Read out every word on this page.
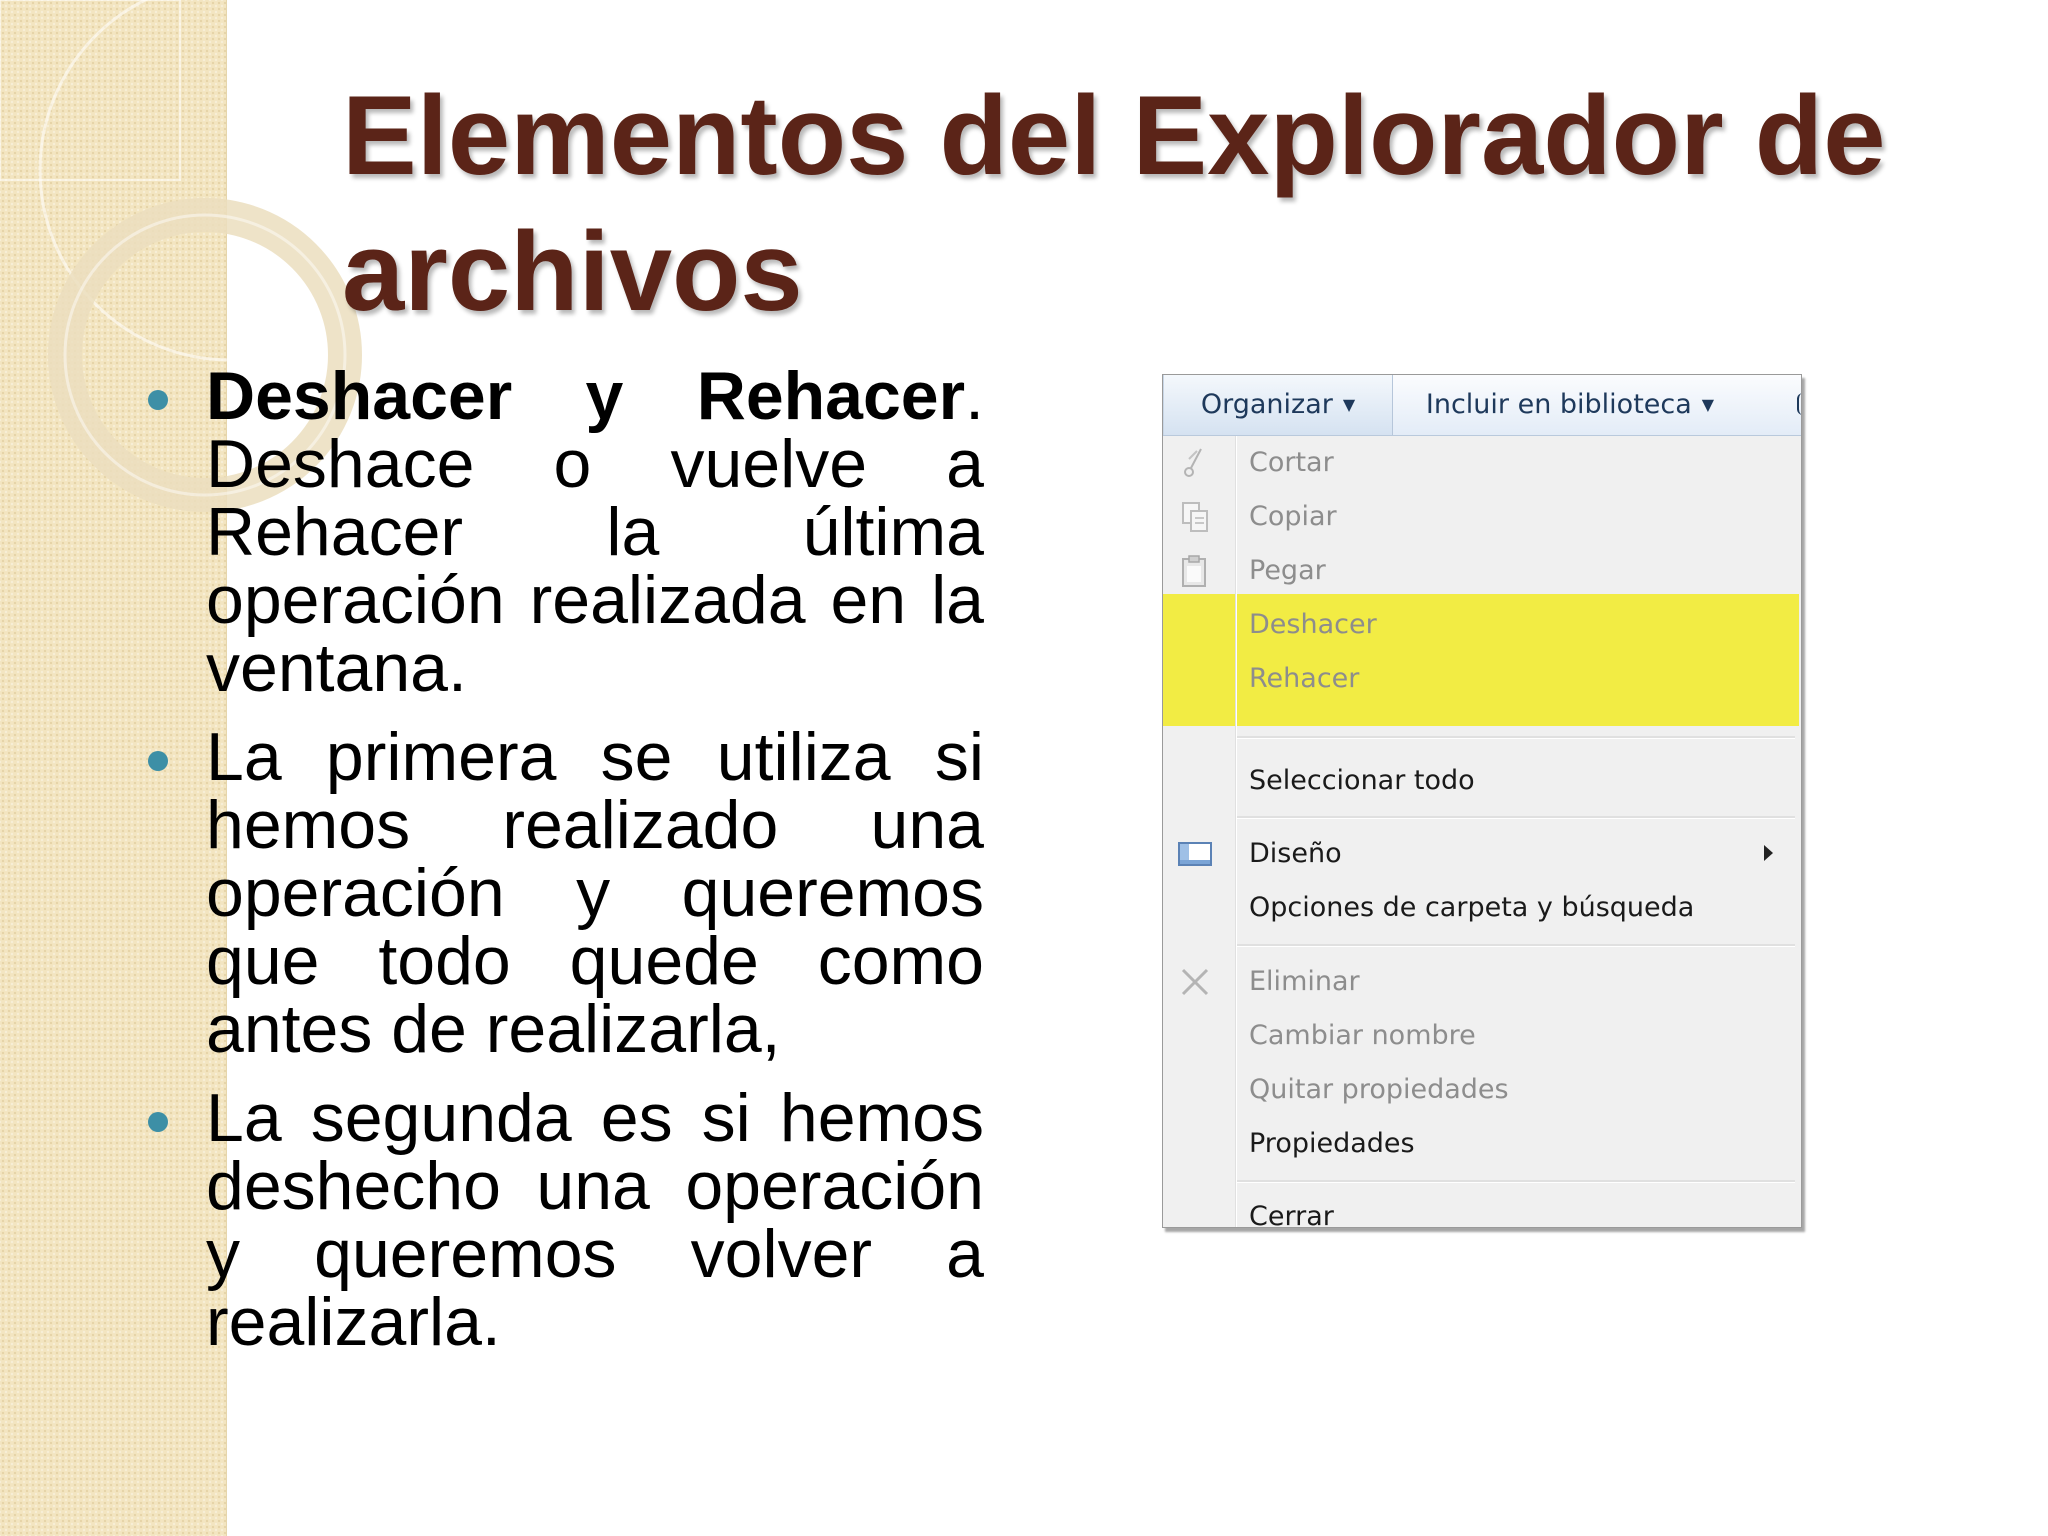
Elementos del Explorador de archivos
Deshacer y Rehacer. Deshace o vuelve a Rehacer la última operación realizada en la ventana.
La primera se utiliza si hemos realizado una operación y queremos que todo quede como antes de realizarla,
La segunda es si hemos deshecho una operación y queremos volver a realizarla.
Organizar ▼	Incluir en biblioteca ▼
Cortar
Copiar
Pegar
Deshacer
Rehacer
Seleccionar todo
Diseño
Opciones de carpeta y búsqueda
Eliminar
Cambiar nombre
Quitar propiedades
Propiedades
Cerrar
